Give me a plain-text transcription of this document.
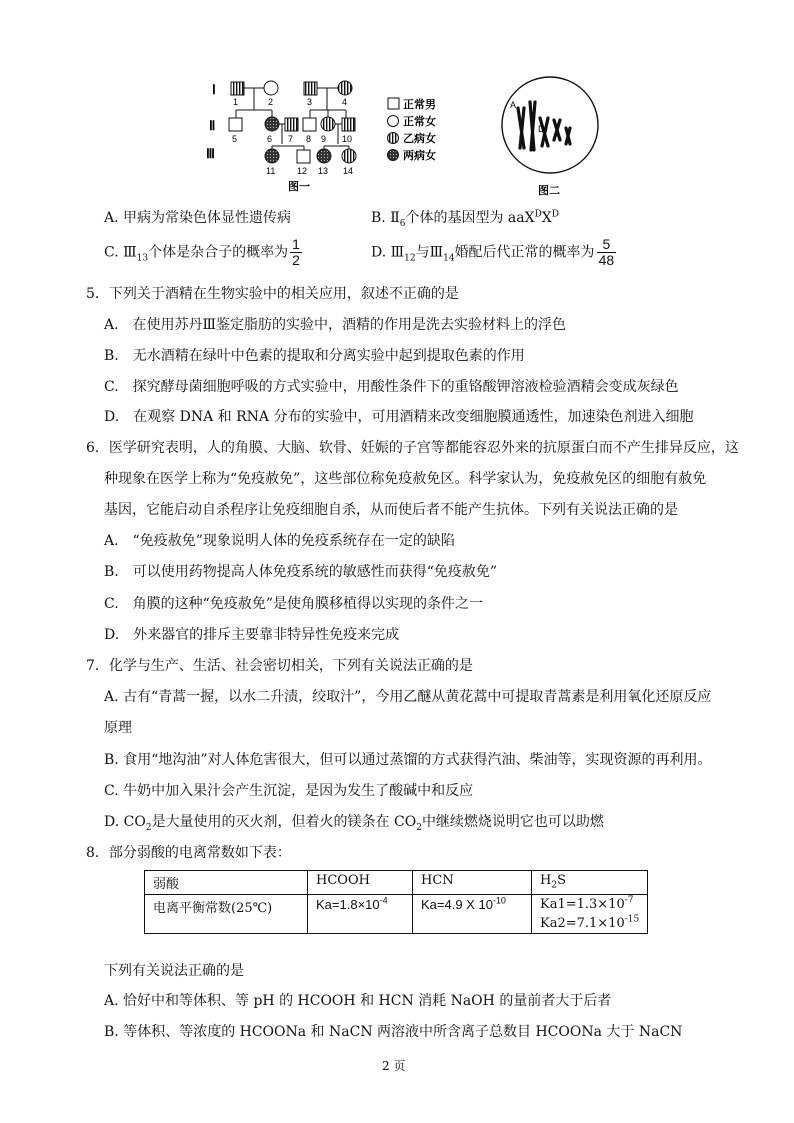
Ⅰ
Ⅱ
Ⅲ
1	2	3	4
5	6 7 8 9 10
11 12 13 14
正常男
正常女
乙病女
两病女
图一
A
D
图二
A. 甲病为常染色体显性遗传病	B. $Ⅱ_6$个体的基因型为 $aaX^DX^D$
C. $Ⅲ_{13}$个体是杂合子的概率为 $\frac{1}{2}$	D. $Ⅲ_{12}$与$Ⅲ_{14}$婚配后代正常的概率为 $\frac{5}{48}$
5．下列关于酒精在生物实验中的相关应用，叙述不正确的是
A.　在使用苏丹Ⅲ鉴定脂肪的实验中，酒精的作用是洗去实验材料上的浮色
B.　无水酒精在绿叶中色素的提取和分离实验中起到提取色素的作用
C.　探究酵母菌细胞呼吸的方式实验中，用酸性条件下的重铬酸钾溶液检验酒精会变成灰绿色
D.　在观察 DNA 和 RNA 分布的实验中，可用酒精来改变细胞膜通透性，加速染色剂进入细胞
6．医学研究表明，人的角膜、大脑、软骨、妊娠的子宫等都能容忍外来的抗原蛋白而不产生排异反应，这
种现象在医学上称为“免疫赦免”，这些部位称免疫赦免区。科学家认为，免疫赦免区的细胞有赦免
基因，它能启动自杀程序让免疫细胞自杀，从而使后者不能产生抗体。下列有关说法正确的是
A.　“免疫赦免”现象说明人体的免疫系统存在一定的缺陷
B.　可以使用药物提高人体免疫系统的敏感性而获得“免疫赦免”
C.　角膜的这种“免疫赦免”是使角膜移植得以实现的条件之一
D.　外来器官的排斥主要靠非特异性免疫来完成
7．化学与生产、生活、社会密切相关，下列有关说法正确的是
A. 古有“青蒿一握，以水二升渍，绞取汁”，今用乙醚从黄花蒿中可提取青蒿素是利用氧化还原反应
原理
B. 食用“地沟油”对人体危害很大，但可以通过蒸馏的方式获得汽油、柴油等，实现资源的再利用。
C. 牛奶中加入果汁会产生沉淀，是因为发生了酸碱中和反应
D. $CO_2$是大量使用的灭火剂，但着火的镁条在 $CO_2$中继续燃烧说明它也可以助燃
8．部分弱酸的电离常数如下表：
弱酸	HCOOH	HCN	$H_2S$
电离平衡常数(25℃)	$Ka=1.8\times 10^{-4}$	Ka=4.9 X $10^{-10}$	$Ka1=1.3\times 10^{-7}$
$Ka2=7.1\times 10^{-15}$
下列有关说法正确的是
A. 恰好中和等体积、等 pH 的 HCOOH 和 HCN 消耗 NaOH 的量前者大于后者
B. 等体积、等浓度的 HCOONa 和 NaCN 两溶液中所含离子总数目 HCOONa 大于 NaCN
2 页
